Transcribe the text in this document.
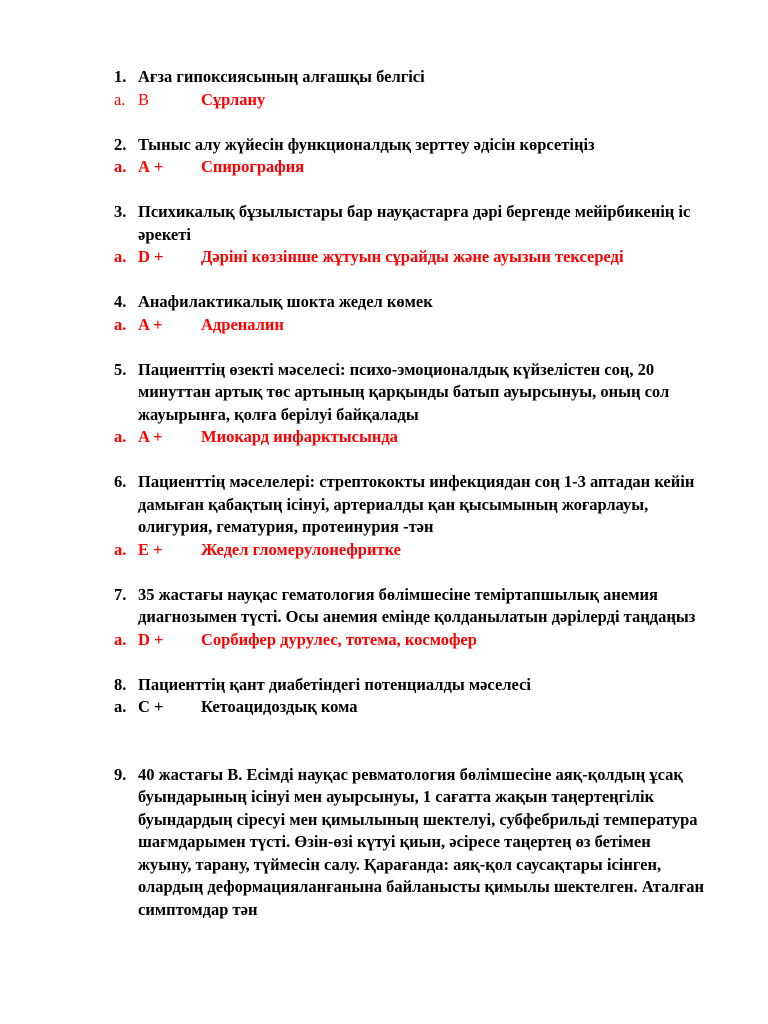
1. Ағза гипоксиясының алғашқы белгісі
a. В	Сұрлану
2. Тыныс алу жүйесін функционалдық зерттеу әдісін көрсетіңіз
a. А + Спирография
3. Психикалық бұзылыстары бар науқастарға дәрі бергенде мейірбикенің іс әрекеті
a. D + Дәріні көззінше жұтуын сұрайды және ауызын тексереді
4. Анафилактикалық шокта жедел көмек
a. A + Адреналин
5. Пациенттің өзекті мәселесі: психо-эмоционалдық күйзелістен соң, 20 минуттан артық төс артының қарқынды батып ауырсынуы, оның сол жауырынға, қолға берілуі байқалады
a. A + Миокард инфарктысында
6. Пациенттің мәселелері: стрептококты инфекциядан соң 1-3 аптадан кейін дамыған қабақтың ісінуі, артериалды қан қысымының жоғарлауы, олигурия, гематурия, протеинурия -тән
a. E + Жедел гломерулонефритке
7. 35 жастағы науқас гематология бөлімшесіне теміртапшылық анемия диагнозымен түсті. Осы анемия емінде қолданылатын дәрілерді таңдаңыз
a. D + Сорбифер дурулес, тотема, космофер
8. Пациенттің қант диабетіндегі потенциалды мәселесі
a. C + Кетоацидоздық кома
9. 40 жастағы В. Есімді науқас ревматология бөлімшесіне аяқ-қолдың ұсақ буындарының ісінуі мен ауырсынуы, 1 сағатта жақын таңертеңгілік буындардың сіресуі мен қимылының шектелуі, субфебрильді температура шағмдарымен түсті. Өзін-өзі күтуі қиын, әсіресе таңертең өз бетімен жуыну, тарану, түймесін салу. Қарағанда: аяқ-қол саусақтары ісінген, олардың деформацияланғанына байланысты қимылы шектелген. Аталған симптомдар тән
